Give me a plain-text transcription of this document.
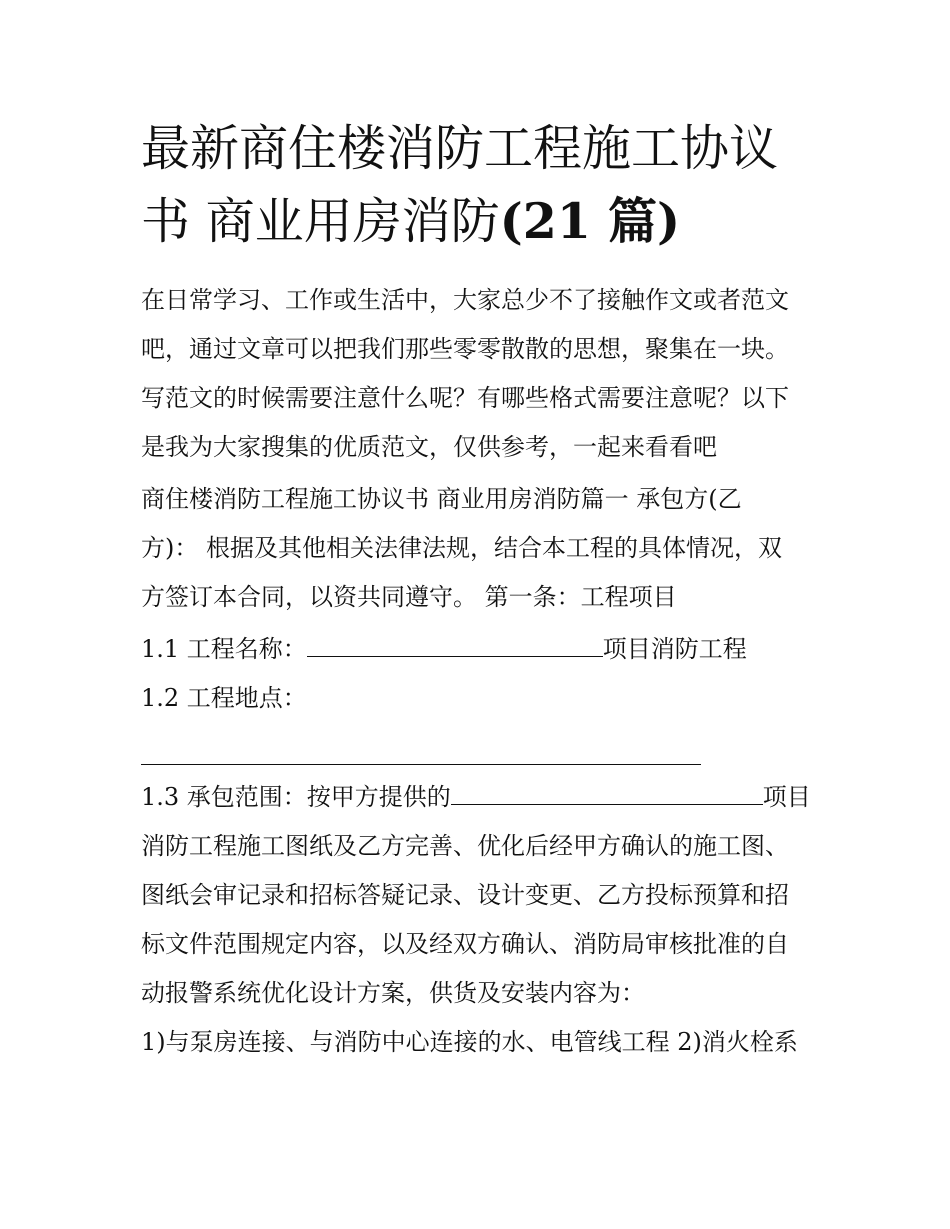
最新商住楼消防工程施工协议
书 商业用房消防(21 篇)
在日常学习、工作或生活中，大家总少不了接触作文或者范文
吧，通过文章可以把我们那些零零散散的思想，聚集在一块。
写范文的时候需要注意什么呢？有哪些格式需要注意呢？以下
是我为大家搜集的优质范文，仅供参考，一起来看看吧
商住楼消防工程施工协议书 商业用房消防篇一 承包方(乙
方)： 根据及其他相关法律法规，结合本工程的具体情况，双
方签订本合同，以资共同遵守。 第一条：工程项目
1.1 工程名称：	项目消防工程
1.2 工程地点：
1.3 承包范围：按甲方提供的	项目
消防工程施工图纸及乙方完善、优化后经甲方确认的施工图、
图纸会审记录和招标答疑记录、设计变更、乙方投标预算和招
标文件范围规定内容，以及经双方确认、消防局审核批准的自
动报警系统优化设计方案，供货及安装内容为：
1)与泵房连接、与消防中心连接的水、电管线工程 2)消火栓系
